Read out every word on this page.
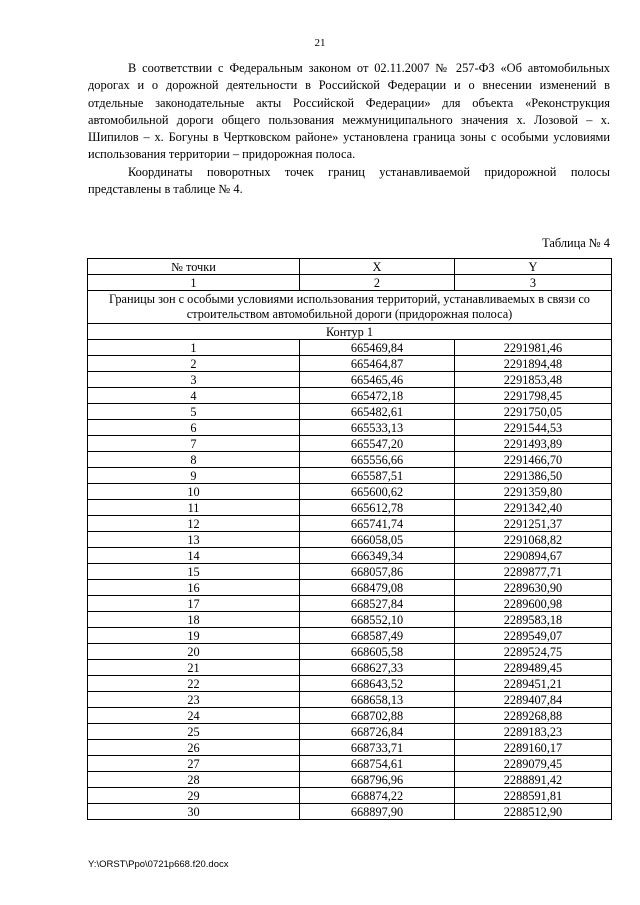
21

В соответствии с Федеральным законом от 02.11.2007 № 257-ФЗ «Об автомобильных дорогах и о дорожной деятельности в Российской Федерации и о внесении изменений в отдельные законодательные акты Российской Федерации» для объекта «Реконструкция автомобильной дороги общего пользования межмуниципального значения х. Лозовой – х. Шипилов – х. Богуны в Чертковском районе» установлена граница зоны с особыми условиями использования территории – придорожная полоса.

Координаты поворотных точек границ устанавливаемой придорожной полосы представлены в таблице № 4.

Таблица № 4
№ точки	X	Y
1	2	3
Границы зон с особыми условиями использования территорий, устанавливаемых в связи со строительством автомобильной дороги (придорожная полоса)		
Контур 1		
1	665469,84	2291981,46
2	665464,87	2291894,48
3	665465,46	2291853,48
4	665472,18	2291798,45
5	665482,61	2291750,05
6	665533,13	2291544,53
7	665547,20	2291493,89
8	665556,66	2291466,70
9	665587,51	2291386,50
10	665600,62	2291359,80
11	665612,78	2291342,40
12	665741,74	2291251,37
13	666058,05	2291068,82
14	666349,34	2290894,67
15	668057,86	2289877,71
16	668479,08	2289630,90
17	668527,84	2289600,98
18	668552,10	2289583,18
19	668587,49	2289549,07
20	668605,58	2289524,75
21	668627,33	2289489,45
22	668643,52	2289451,21
23	668658,13	2289407,84
24	668702,88	2289268,88
25	668726,84	2289183,23
26	668733,71	2289160,17
27	668754,61	2289079,45
28	668796,96	2288891,42
29	668874,22	2288591,81
30	668897,90	2288512,90
Y:\ORST\Ppo\0721p668.f20.docx
